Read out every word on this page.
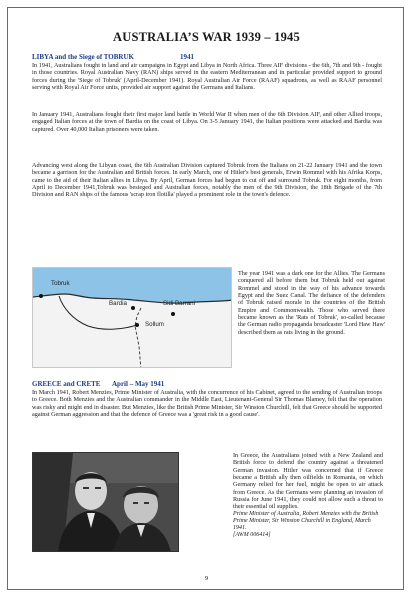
AUSTRALIA’S WAR 1939 – 1945
LIBYA and the Siege of TOBRUK	1941

In 1941, Australians fought in land and air campaigns in Egypt and Libya in North Africa. Three AIF divisions - the 6th, 7th and 9th - fought in those countries. Royal Australian Navy (RAN) ships served in the eastern Mediterranean and in particular provided support to ground forces during the 'Siege of Tobruk' (April-December 1941). Royal Australian Air Force (RAAF) squadrons, as well as RAAF personnel serving with Royal Air Force units, provided air support against the Germans and Italians.

In January 1941, Australians fought their first major land battle in World War II when men of the 6th Division AIF, and other Allied troops, engaged Italian forces at the town of Bardia on the coast of Libya. On 3-5 January 1941, the Italian positions were attacked and Bardia was captured. Over 40,000 Italian prisoners were taken.

Advancing west along the Libyan coast, the 6th Australian Division captured Tobruk from the Italians on 21-22 January 1941 and the town became a garrison for the Australian and British forces. In early March, one of Hitler's best generals, Erwin Rommel with his Afrika Korps, came to the aid of their Italian allies in Libya. By April, German forces had begun to cut off and surround Tobruk. For eight months, from April to December 1941,Tobruk was besieged and Australian forces, notably the men of the 9th Division, the 18th Brigade of the 7th Division and RAN ships of the famous 'scrap iron flotilla' played a prominent role in the town's defence.

Tobruk
Bardia	Sidi Barrani
Sollum

The year 1941 was a dark one for the Allies. The Germans conquered all before them but Tobruk held out against Rommel and stood in the way of his advance towards Egypt and the Suez Canal. The defiance of the defenders of Tobruk raised morale in the countries of the British Empire and Commonwealth. Those who served there became known as the 'Rats of Tobruk', so-called because the German radio propaganda broadcaster 'Lord Haw Haw' described them as rats living in the ground.

GREECE and CRETE April – May 1941

In March 1941, Robert Menzies, Prime Minister of Australia, with the concurrence of his Cabinet, agreed to the sending of Australian troops to Greece. Both Menzies and the Australian commander in the Middle East, Lieutenant-General Sir Thomas Blamey, felt that the operation was risky and might end in disaster. But Menzies, like the British Prime Minister, Sir Winston Churchill, felt that Greece should be supported against German aggression and that the defence of Greece was a 'great risk in a good cause'.

In Greece, the Australians joined with a New Zealand and British force to defend the country against a threatened German invasion. Hitler was concerned that if Greece became a British ally then oilfields in Romania, on which Germany relied for her fuel, might be open to air attack from Greece. As the Germans were planning an invasion of Russia for June 1941, they could not allow such a threat to their essential oil supplies.

Prime Minister of Australia, Robert Menzies with the British Prime Minister, Sir Winston Churchill in England, March 1941.
[AWM 006414]

9
